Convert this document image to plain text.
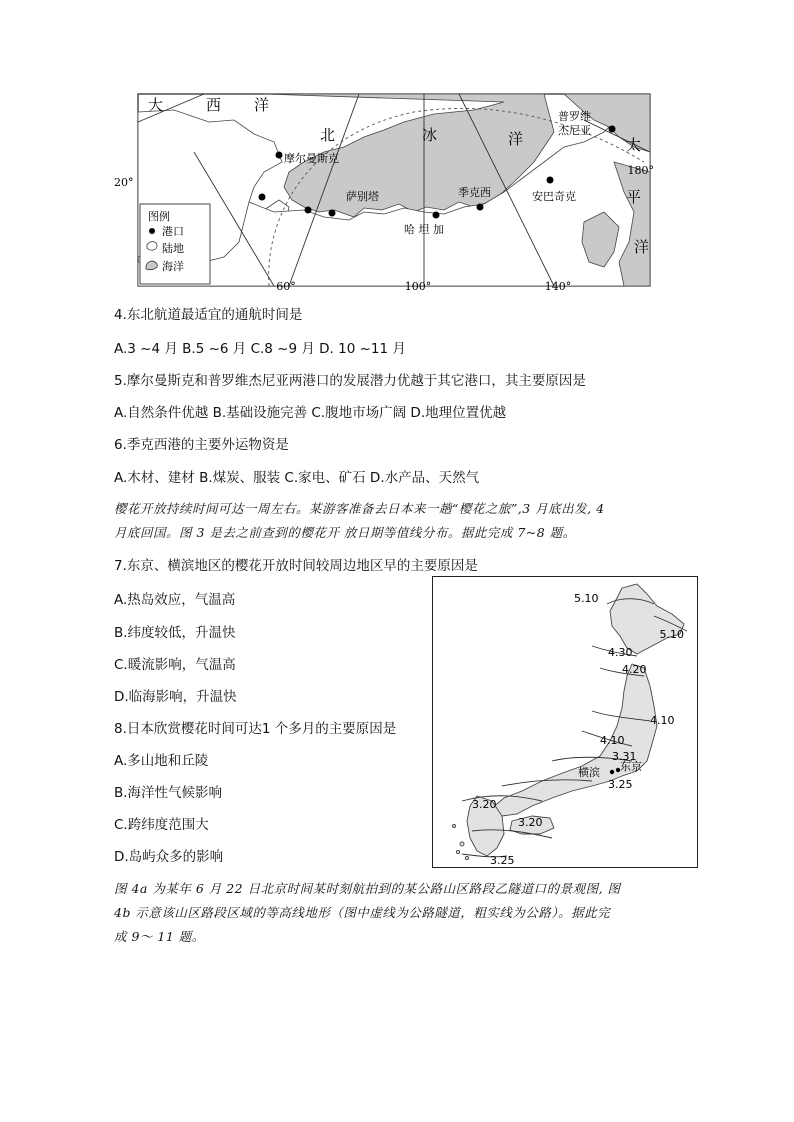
大	西 洋
北	冰	洋	太
平
洋
摩尔曼斯克
萨别塔	季克西
哈 坦 加
安巴奇克
普罗维
杰尼亚
20°
180°
60°	100°	140°
图例
港口
陆地
海洋
4.东北航道最适宜的通航时间是
A.3 ~4 月 B.5 ~6 月 C.8 ~9 月 D. 10 ~11 月
5.摩尔曼斯克和普罗维杰尼亚两港口的发展潜力优越于其它港口，其主要原因是
A.自然条件优越 B.基础设施完善 C.腹地市场广阔 D.地理位置优越
6.季克西港的主要外运物资是
A.木材、建材 B.煤炭、服装 C.家电、矿石 D.水产品、天然气
樱花开放持续时间可达一周左右。某游客准备去日本来一趟“樱花之旅”,3 月底出发, 4
月底回国。图 3 是去之前查到的樱花开 放日期等值线分布。据此完成 7~8 题。
7.东京、横滨地区的樱花开放时间较周边地区早的主要原因是
A.热岛效应，气温高
B.纬度较低，升温快
C.暖流影响，气温高
D.临海影响，升温快
8.日本欣赏樱花时间可达1 个多月的主要原因是
A.多山地和丘陵
B.海洋性气候影响
C.跨纬度范围大
D.岛屿众多的影响
图 4a 为某年 6 月 22 日北京时间某时刻航拍到的某公路山区路段乙隧道口的景观图, 图
4b 示意该山区路段区域的等高线地形（图中虚线为公路隧道，粗实线为公路）。据此完
成 9～ 11 题。
5.10
5.10
4.30
4.20
4.10
4.10
3.31
3.25
3.20
3.20
3.25
横滨 东京
